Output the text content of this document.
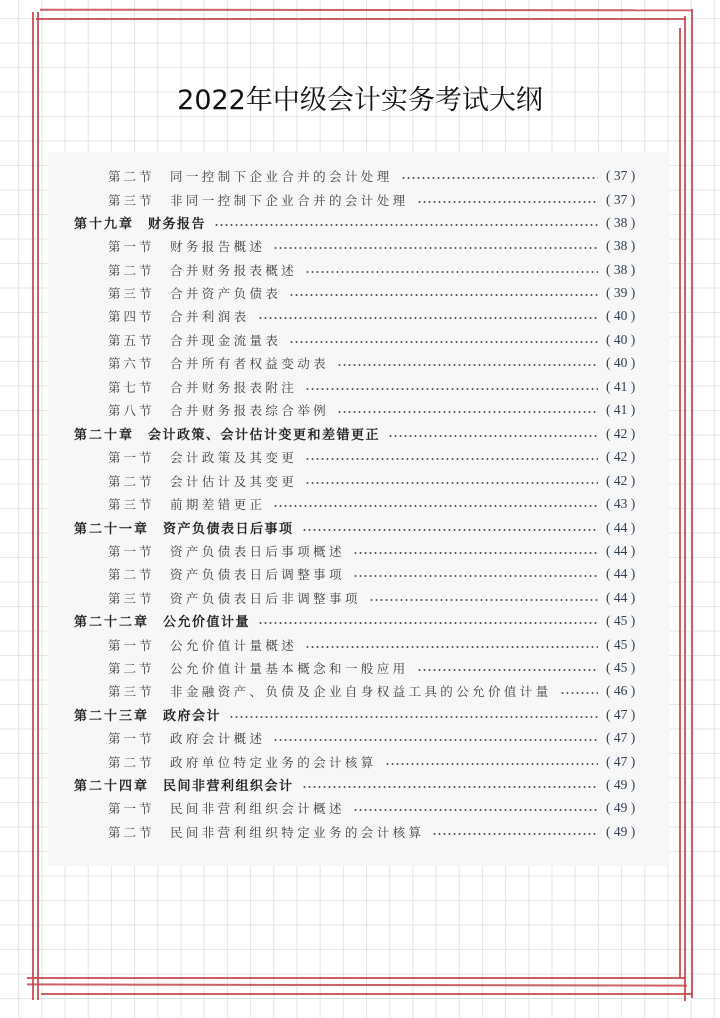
2022年中级会计实务考试大纲
第二节	同一控制下企业合并的会计处理	( 37 )
第三节	非同一控制下企业合并的会计处理	( 37 )
第十九章 财务报告	( 38 )
第一节	财务报告概述	( 38 )
第二节	合并财务报表概述	( 38 )
第三节	合并资产负债表	( 39 )
第四节	合并利润表	( 40 )
第五节	合并现金流量表	( 40 )
第六节	合并所有者权益变动表	( 40 )
第七节	合并财务报表附注	( 41 )
第八节	合并财务报表综合举例	( 41 )
第二十章 会计政策、会计估计变更和差错更正	( 42 )
第一节	会计政策及其变更	( 42 )
第二节	会计估计及其变更	( 42 )
第三节	前期差错更正	( 43 )
第二十一章 资产负债表日后事项	( 44 )
第一节	资产负债表日后事项概述	( 44 )
第二节	资产负债表日后调整事项	( 44 )
第三节	资产负债表日后非调整事项	( 44 )
第二十二章 公允价值计量	( 45 )
第一节	公允价值计量概述	( 45 )
第二节	公允价值计量基本概念和一般应用	( 45 )
第三节	非金融资产、负债及企业自身权益工具的公允价值计量	( 46 )
第二十三章 政府会计	( 47 )
第一节	政府会计概述	( 47 )
第二节	政府单位特定业务的会计核算	( 47 )
第二十四章 民间非营利组织会计	( 49 )
第一节	民间非营利组织会计概述	( 49 )
第二节	民间非营利组织特定业务的会计核算	( 49 )
